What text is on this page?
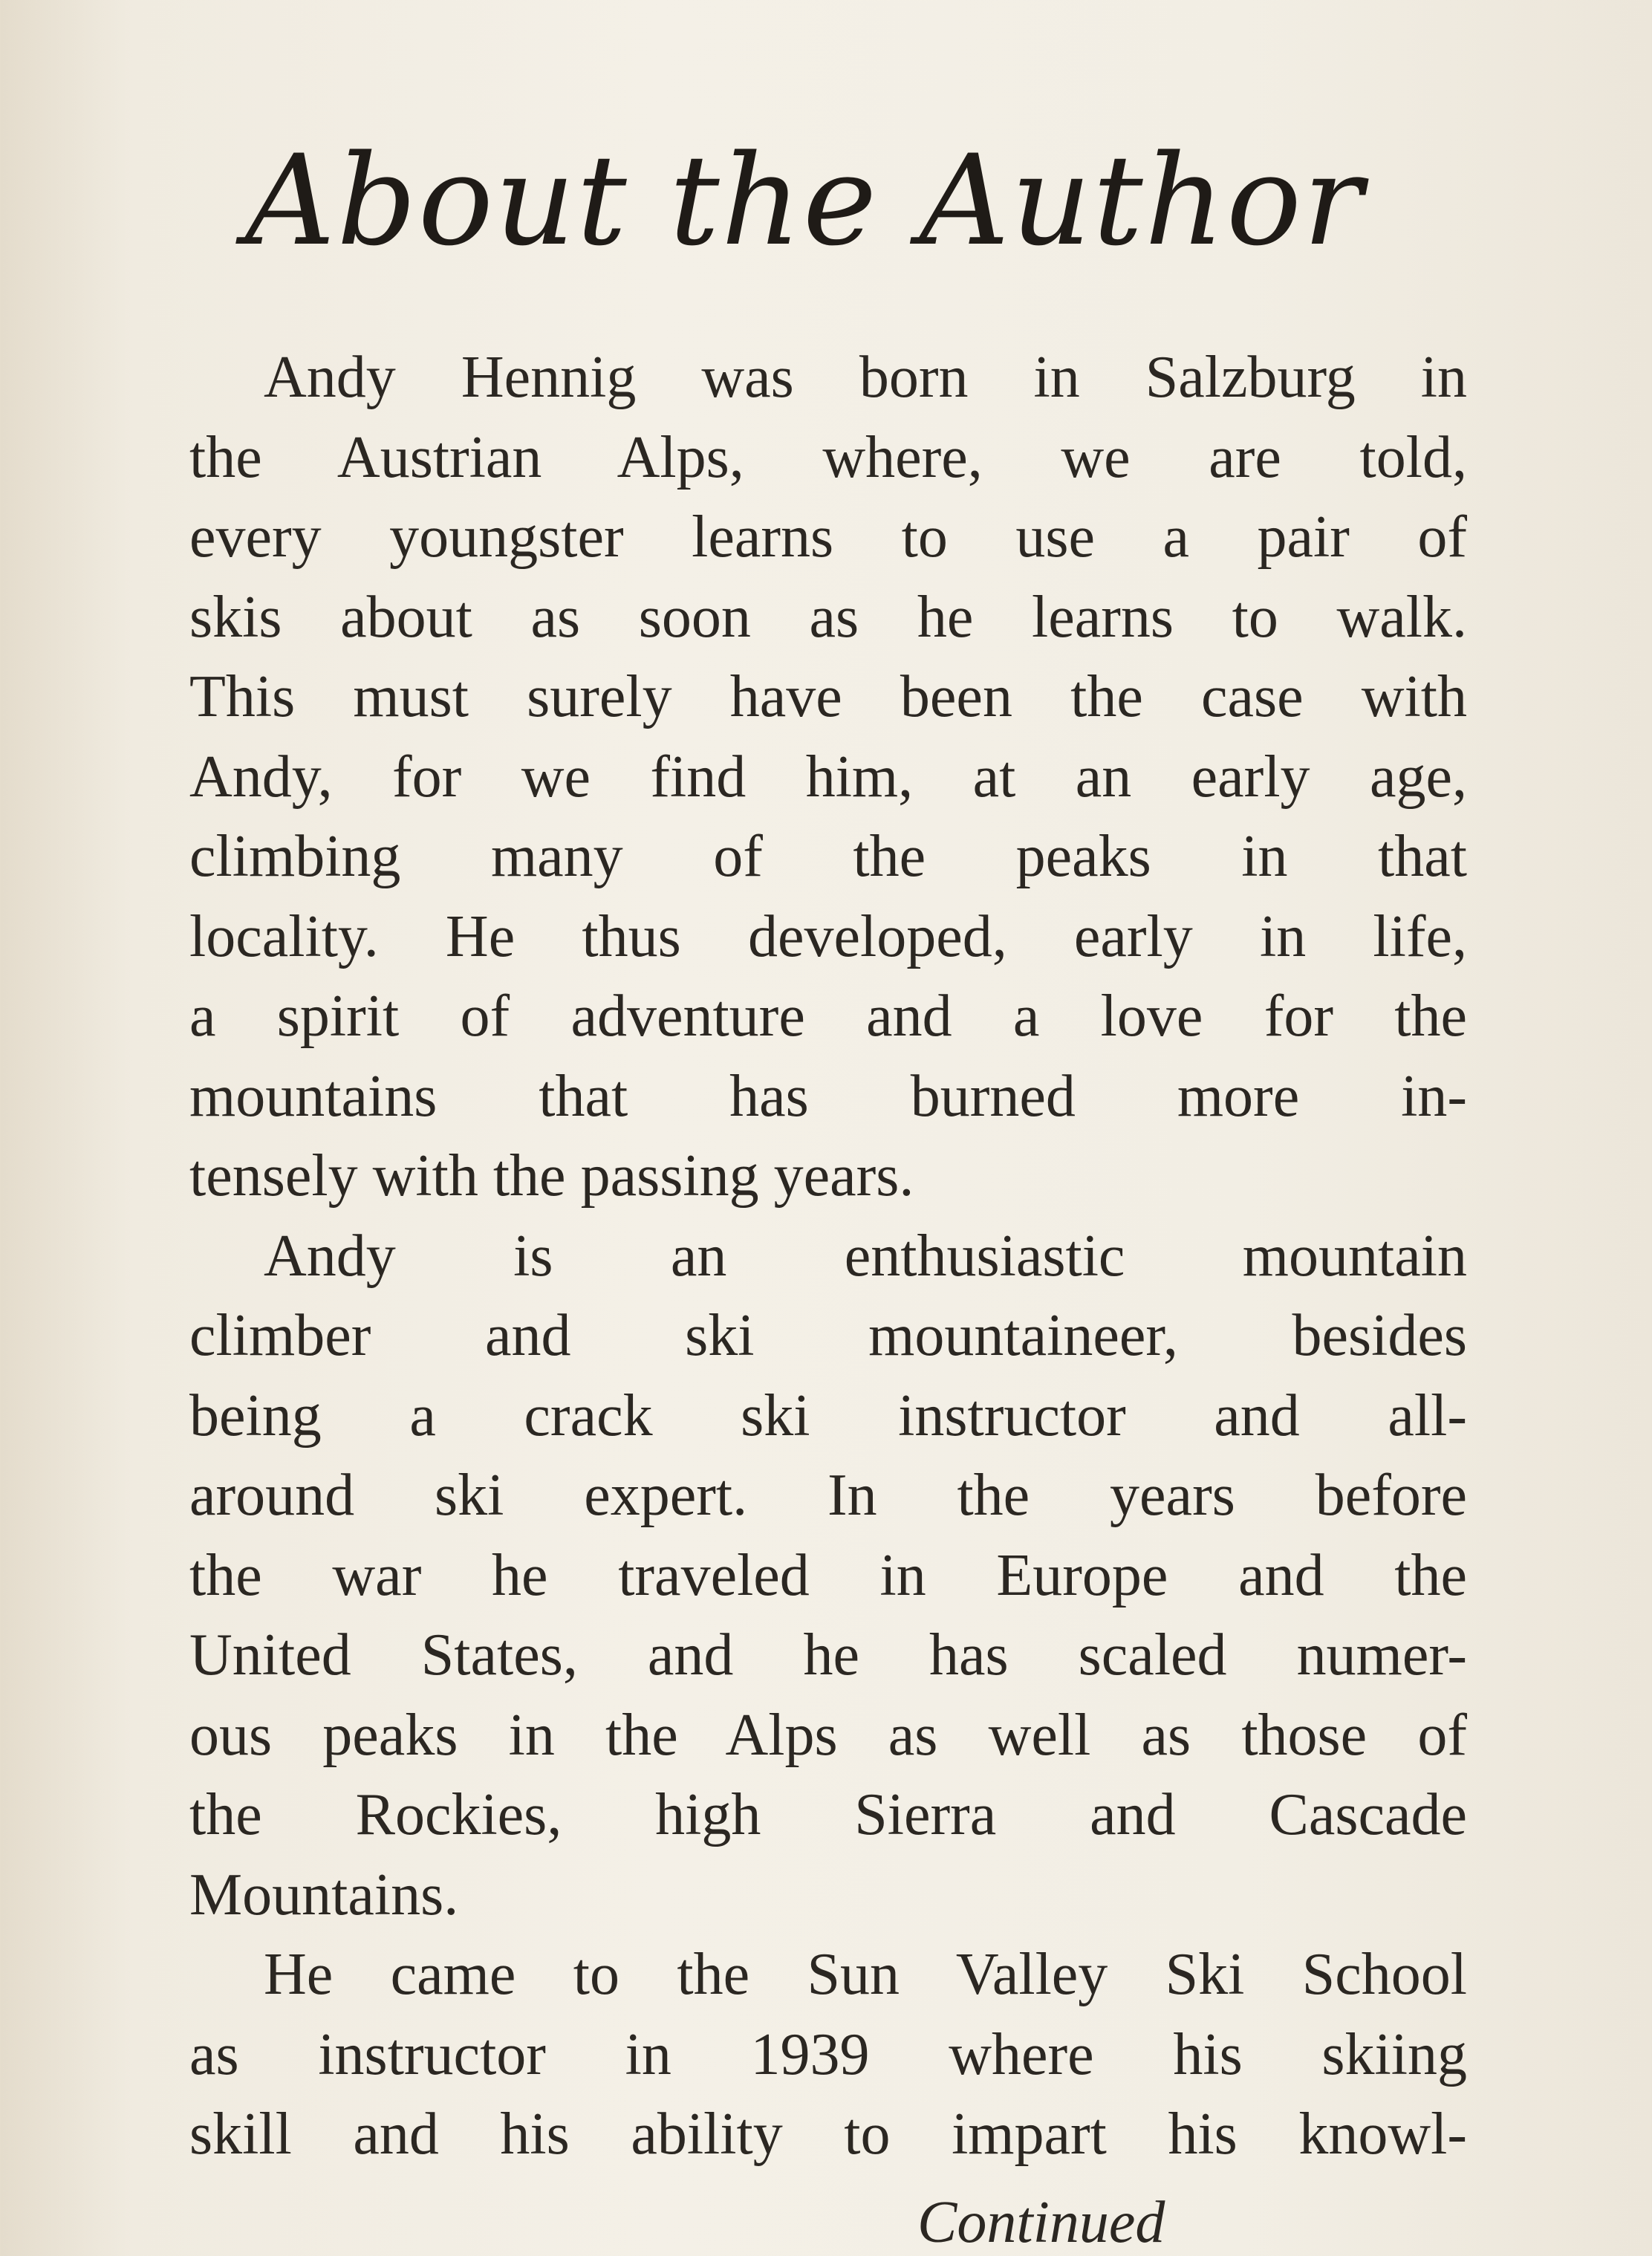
About the Author
Andy Hennig was born in Salzburg in
the Austrian Alps, where, we are told,
every youngster learns to use a pair of
skis about as soon as he learns to walk.
This must surely have been the case with
Andy, for we find him, at an early age,
climbing many of the peaks in that
locality. He thus developed, early in life,
a spirit of adventure and a love for the
mountains that has burned more in-
tensely with the passing years.
Andy is an enthusiastic mountain
climber and ski mountaineer, besides
being a crack ski instructor and all-
around ski expert. In the years before
the war he traveled in Europe and the
United States, and he has scaled numer-
ous peaks in the Alps as well as those of
the Rockies, high Sierra and Cascade
Mountains.
He came to the Sun Valley Ski School
as instructor in 1939 where his skiing
skill and his ability to impart his knowl-
Continued
